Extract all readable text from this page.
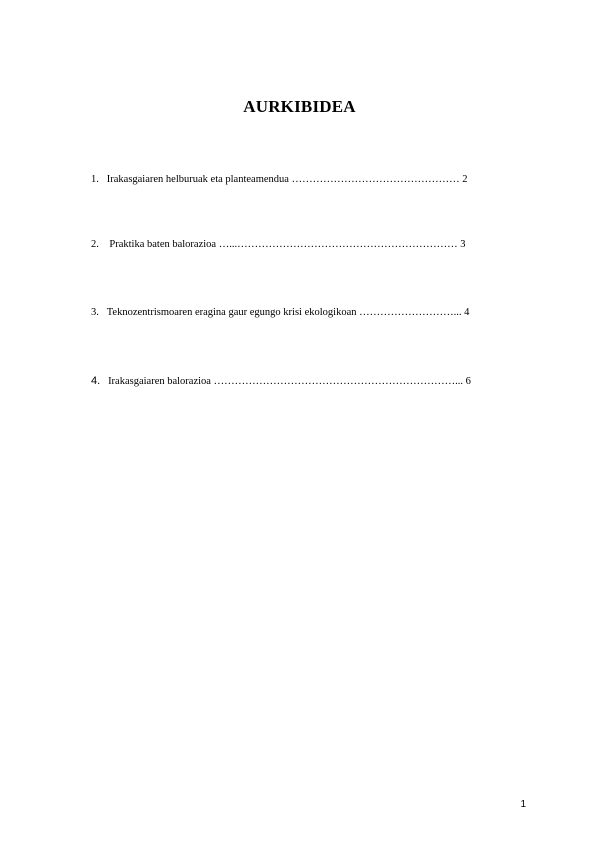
AURKIBIDEA
1. Irakasgaiaren helburuak eta planteamendua ………………………………………… 2
2. Praktika baten balorazioa …...……………………………………………………… 3
3. Teknozentrismoaren eragina gaur egungo krisi ekologikoan ………………………... 4
4. Irakasgaiaren balorazioa ……………………………………………………………... 6
1
